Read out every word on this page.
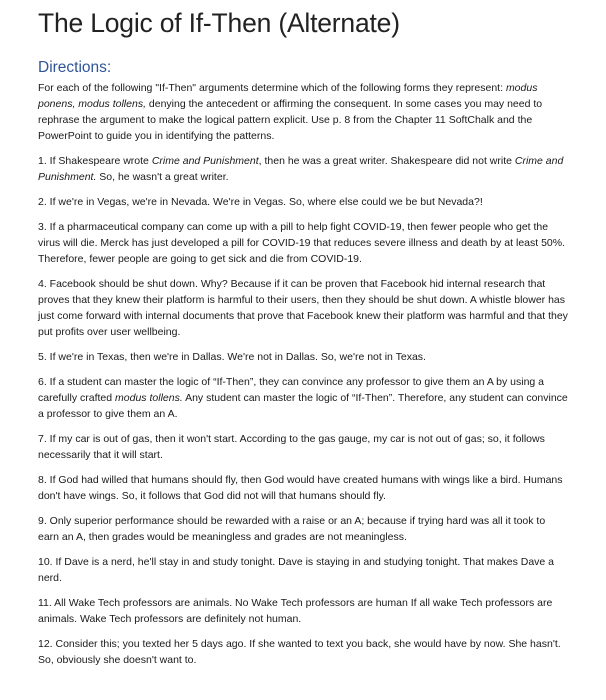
The Logic of If-Then (Alternate)
Directions:
For each of the following "If-Then" arguments determine which of the following forms they represent: modus ponens, modus tollens, denying the antecedent or affirming the consequent. In some cases you may need to rephrase the argument to make the logical pattern explicit. Use p. 8 from the Chapter 11 SoftChalk and the PowerPoint to guide you in identifying the patterns.
1. If Shakespeare wrote Crime and Punishment, then he was a great writer. Shakespeare did not write Crime and Punishment. So, he wasn't a great writer.
2. If we're in Vegas, we're in Nevada. We're in Vegas. So, where else could we be but Nevada?!
3. If a pharmaceutical company can come up with a pill to help fight COVID-19, then fewer people who get the virus will die. Merck has just developed a pill for COVID-19 that reduces severe illness and death by at least 50%. Therefore, fewer people are going to get sick and die from COVID-19.
4. Facebook should be shut down. Why? Because if it can be proven that Facebook hid internal research that proves that they knew their platform is harmful to their users, then they should be shut down. A whistle blower has just come forward with internal documents that prove that Facebook knew their platform was harmful and that they put profits over user wellbeing.
5. If we're in Texas, then we're in Dallas. We're not in Dallas. So, we're not in Texas.
6. If a student can master the logic of “If-Then”, they can convince any professor to give them an A by using a carefully crafted modus tollens. Any student can master the logic of “If-Then”. Therefore, any student can convince a professor to give them an A.
7. If my car is out of gas, then it won't start. According to the gas gauge, my car is not out of gas; so, it follows necessarily that it will start.
8. If God had willed that humans should fly, then God would have created humans with wings like a bird. Humans don't have wings. So, it follows that God did not will that humans should fly.
9. Only superior performance should be rewarded with a raise or an A; because if trying hard was all it took to earn an A, then grades would be meaningless and grades are not meaningless.
10. If Dave is a nerd, he'll stay in and study tonight. Dave is staying in and studying tonight. That makes Dave a nerd.
11. All Wake Tech professors are animals. No Wake Tech professors are human If all wake Tech professors are animals. Wake Tech professors are definitely not human.
12. Consider this; you texted her 5 days ago. If she wanted to text you back, she would have by now. She hasn't. So, obviously she doesn't want to.
